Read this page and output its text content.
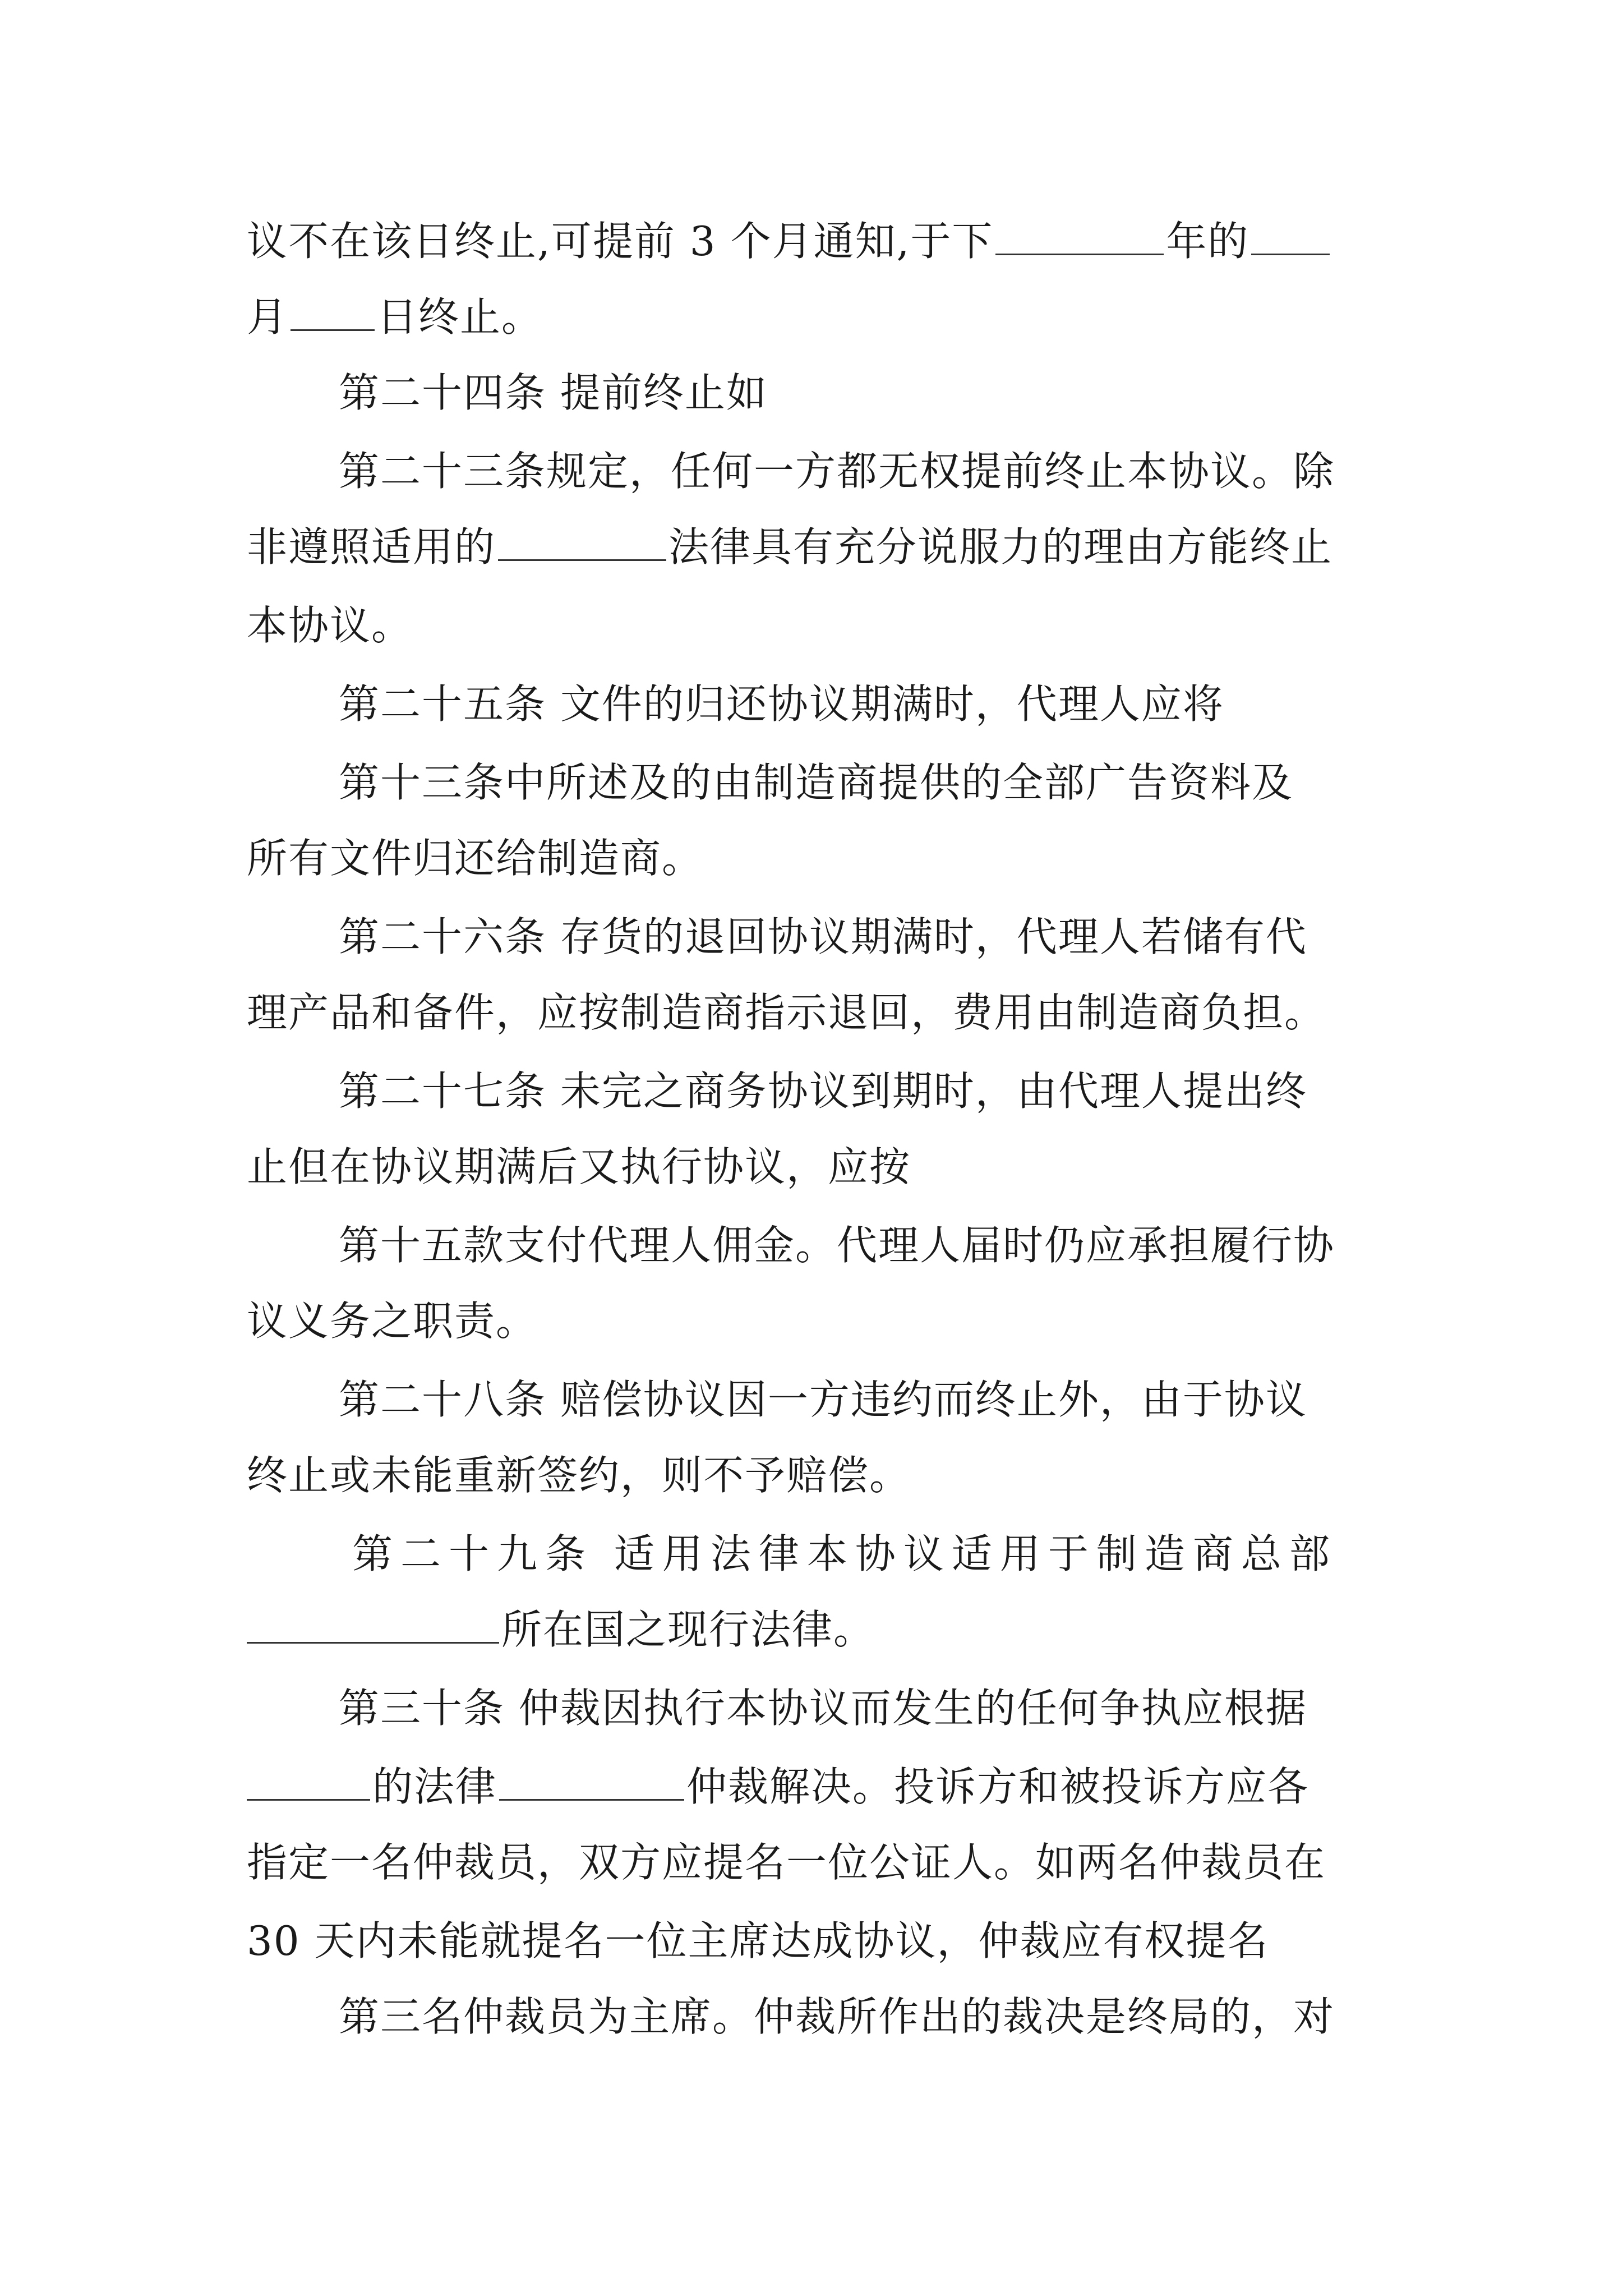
议不在该日终止,可提前 3 个月通知,于下	年的
月 日终止。
第二十四条 提前终止如
第二十三条规定，任何一方都无权提前终止本协议。除
非遵照适用的	法律具有充分说服力的理由方能终止
本协议。
第二十五条 文件的归还协议期满时，代理人应将
第十三条中所述及的由制造商提供的全部广告资料及
所有文件归还给制造商。
第二十六条 存货的退回协议期满时，代理人若储有代
理产品和备件，应按制造商指示退回，费用由制造商负担。
第二十七条 未完之商务协议到期时，由代理人提出终
止但在协议期满后又执行协议，应按
第十五款支付代理人佣金。代理人届时仍应承担履行协
议义务之职责。
第二十八条 赔偿协议因一方违约而终止外，由于协议
终止或未能重新签约，则不予赔偿。
第二十九条 适用法律本协议适用于制造商总部
所在国之现行法律。
第三十条 仲裁因执行本协议而发生的任何争执应根据
的法律	仲裁解决。投诉方和被投诉方应各
指定一名仲裁员，双方应提名一位公证人。如两名仲裁员在
30 天内未能就提名一位主席达成协议，仲裁应有权提名
第三名仲裁员为主席。仲裁所作出的裁决是终局的，对
